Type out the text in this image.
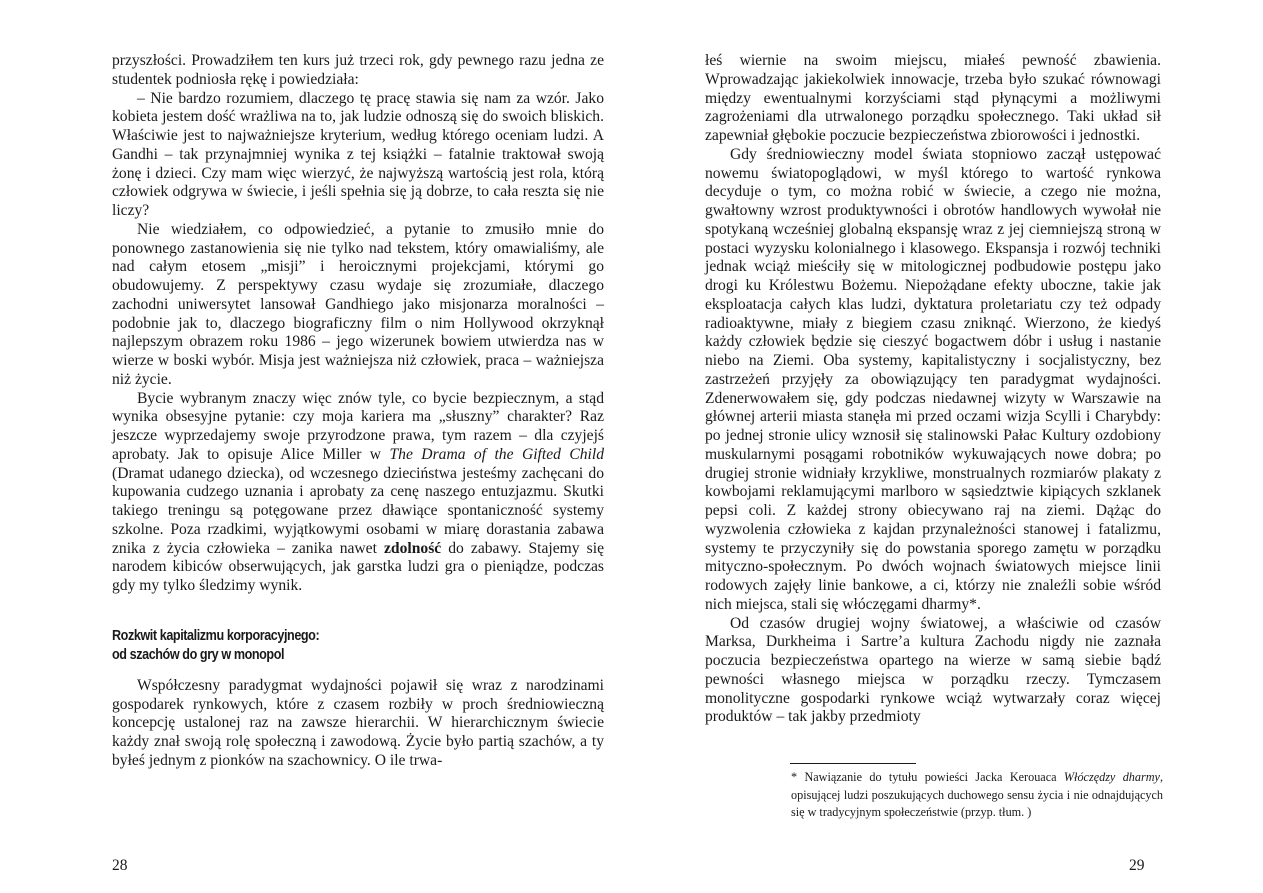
przyszłości. Prowadziłem ten kurs już trzeci rok, gdy pewnego razu jedna ze studentek podniosła rękę i powiedziała:

– Nie bardzo rozumiem, dlaczego tę pracę stawia się nam za wzór. Jako kobieta jestem dość wrażliwa na to, jak ludzie odnoszą się do swoich bliskich. Właściwie jest to najważniejsze kryterium, według którego oceniam ludzi. A Gandhi – tak przynajmniej wynika z tej książki – fatalnie traktował swoją żonę i dzieci. Czy mam więc wierzyć, że najwyższą wartością jest rola, którą człowiek odgrywa w świecie, i jeśli spełnia się ją dobrze, to cała reszta się nie liczy?

Nie wiedziałem, co odpowiedzieć, a pytanie to zmusiło mnie do ponownego zastanowienia się nie tylko nad tekstem, który omawialiśmy, ale nad całym etosem „misji” i heroicznymi projekcjami, którymi go obudowujemy. Z perspektywy czasu wydaje się zrozumiałe, dlaczego zachodni uniwersytet lansował Gandhiego jako misjonarza moralności – podobnie jak to, dlaczego biograficzny film o nim Hollywood okrzyknął najlepszym obrazem roku 1986 – jego wizerunek bowiem utwierdza nas w wierze w boski wybór. Misja jest ważniejsza niż człowiek, praca – ważniejsza niż życie.

Bycie wybranym znaczy więc znów tyle, co bycie bezpiecznym, a stąd wynika obsesyjne pytanie: czy moja kariera ma „słuszny” charakter? Raz jeszcze wyprzedajemy swoje przyrodzone prawa, tym razem – dla czyjejś aprobaty. Jak to opisuje Alice Miller w The Drama of the Gifted Child (Dramat udanego dziecka), od wczesnego dzieciństwa jesteśmy zachęcani do kupowania cudzego uznania i aprobaty za cenę naszego entuzjazmu. Skutki takiego treningu są potęgowane przez dławiące spontaniczność systemy szkolne. Poza rzadkimi, wyjątkowymi osobami w miarę dorastania zabawa znika z życia człowieka – zanika nawet zdolność do zabawy. Stajemy się narodem kibiców obserwujących, jak garstka ludzi gra o pieniądze, podczas gdy my tylko śledzimy wynik.

Rozkwit kapitalizmu korporacyjnego:
od szachów do gry w monopol

Współczesny paradygmat wydajności pojawił się wraz z narodzinami gospodarek rynkowych, które z czasem rozbiły w proch średniowieczną koncepcję ustalonej raz na zawsze hierarchii. W hierarchicznym świecie każdy znał swoją rolę społeczną i zawodową. Życie było partią szachów, a ty byłeś jednym z pionków na szachownicy. O ile trwa-

28

łeś wiernie na swoim miejscu, miałeś pewność zbawienia. Wprowadzając jakiekolwiek innowacje, trzeba było szukać równowagi między ewentualnymi korzyściami stąd płynącymi a możliwymi zagrożeniami dla utrwalonego porządku społecznego. Taki układ sił zapewniał głębokie poczucie bezpieczeństwa zbiorowości i jednostki.

Gdy średniowieczny model świata stopniowo zaczął ustępować nowemu światopoglądowi, w myśl którego to wartość rynkowa decyduje o tym, co można robić w świecie, a czego nie można, gwałtowny wzrost produktywności i obrotów handlowych wywołał nie spotykaną wcześniej globalną ekspansję wraz z jej ciemniejszą stroną w postaci wyzysku kolonialnego i klasowego. Ekspansja i rozwój techniki jednak wciąż mieściły się w mitologicznej podbudowie postępu jako drogi ku Królestwu Bożemu. Niepożądane efekty uboczne, takie jak eksploatacja całych klas ludzi, dyktatura proletariatu czy też odpady radioaktywne, miały z biegiem czasu zniknąć. Wierzono, że kiedyś każdy człowiek będzie się cieszyć bogactwem dóbr i usług i nastanie niebo na Ziemi. Oba systemy, kapitalistyczny i socjalistyczny, bez zastrzeżeń przyjęły za obowiązujący ten paradygmat wydajności. Zdenerwowałem się, gdy podczas niedawnej wizyty w Warszawie na głównej arterii miasta stanęła mi przed oczami wizja Scylli i Charybdy: po jednej stronie ulicy wznosił się stalinowski Pałac Kultury ozdobiony muskularnymi posągami robotników wykuwających nowe dobra; po drugiej stronie widniały krzykliwe, monstrualnych rozmiarów plakaty z kowbojami reklamującymi marlboro w sąsiedztwie kipiących szklanek pepsi coli. Z każdej strony obiecywano raj na ziemi. Dążąc do wyzwolenia człowieka z kajdan przynależności stanowej i fatalizmu, systemy te przyczyniły się do powstania sporego zamętu w porządku mityczno-społecznym. Po dwóch wojnach światowych miejsce linii rodowych zajęły linie bankowe, a ci, którzy nie znaleźli sobie wśród nich miejsca, stali się włóczęgami dharmy*.

Od czasów drugiej wojny światowej, a właściwie od czasów Marksa, Durkheima i Sartre’a kultura Zachodu nigdy nie zaznała poczucia bezpieczeństwa opartego na wierze w samą siebie bądź pewności własnego miejsca w porządku rzeczy. Tymczasem monolityczne gospodarki rynkowe wciąż wytwarzały coraz więcej produktów – tak jakby przedmioty

* Nawiązanie do tytułu powieści Jacka Kerouaca Włóczędzy dharmy, opisującej ludzi poszukujących duchowego sensu życia i nie odnajdujących się w tradycyjnym społeczeństwie (przyp. tłum. )
29
